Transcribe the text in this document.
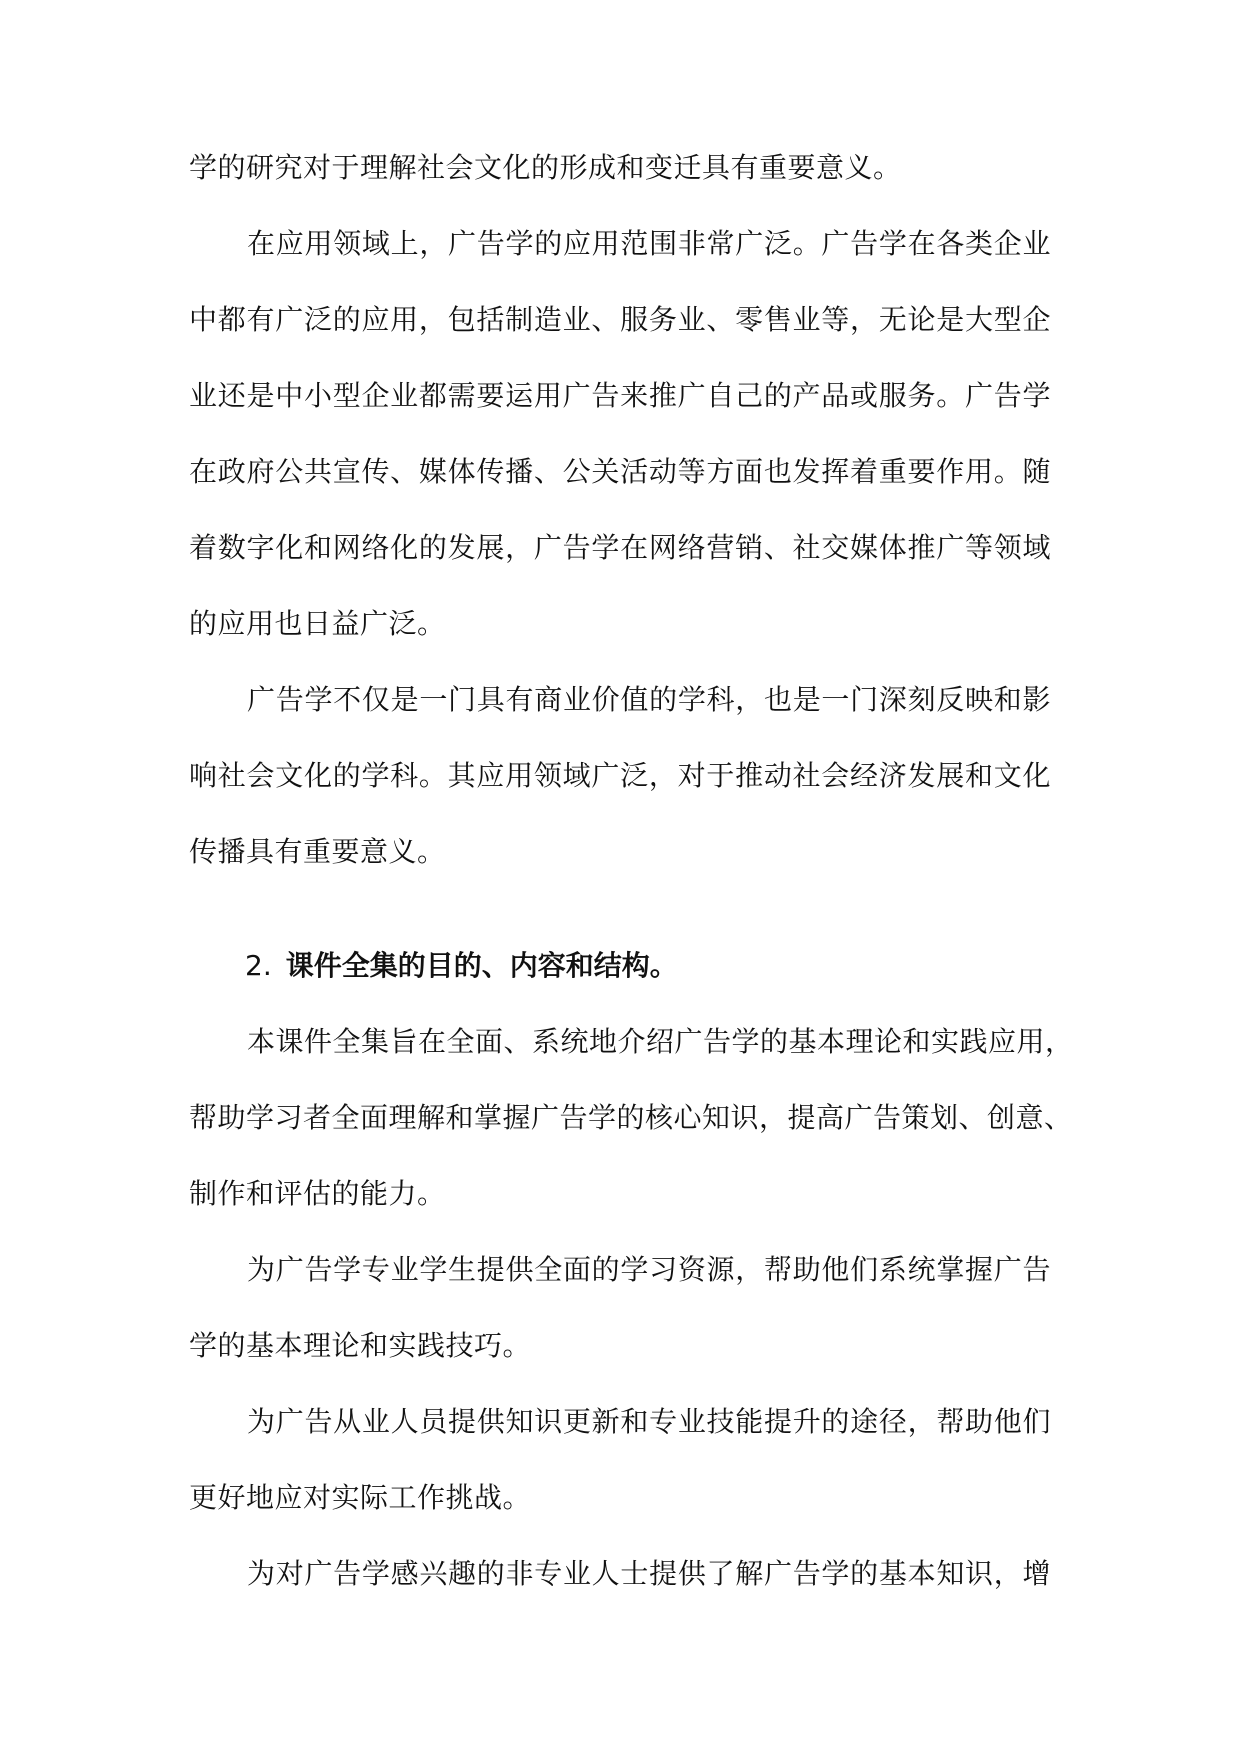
学的研究对于理解社会文化的形成和变迁具有重要意义。
在应用领域上，广告学的应用范围非常广泛。广告学在各类企业
中都有广泛的应用，包括制造业、服务业、零售业等，无论是大型企
业还是中小型企业都需要运用广告来推广自己的产品或服务。广告学
在政府公共宣传、媒体传播、公关活动等方面也发挥着重要作用。随
着数字化和网络化的发展，广告学在网络营销、社交媒体推广等领域
的应用也日益广泛。
广告学不仅是一门具有商业价值的学科，也是一门深刻反映和影
响社会文化的学科。其应用领域广泛，对于推动社会经济发展和文化
传播具有重要意义。
2. 课件全集的目的、内容和结构。
本课件全集旨在全面、系统地介绍广告学的基本理论和实践应用，
帮助学习者全面理解和掌握广告学的核心知识，提高广告策划、创意、
制作和评估的能力。
为广告学专业学生提供全面的学习资源，帮助他们系统掌握广告
学的基本理论和实践技巧。
为广告从业人员提供知识更新和专业技能提升的途径，帮助他们
更好地应对实际工作挑战。
为对广告学感兴趣的非专业人士提供了解广告学的基本知识，增
